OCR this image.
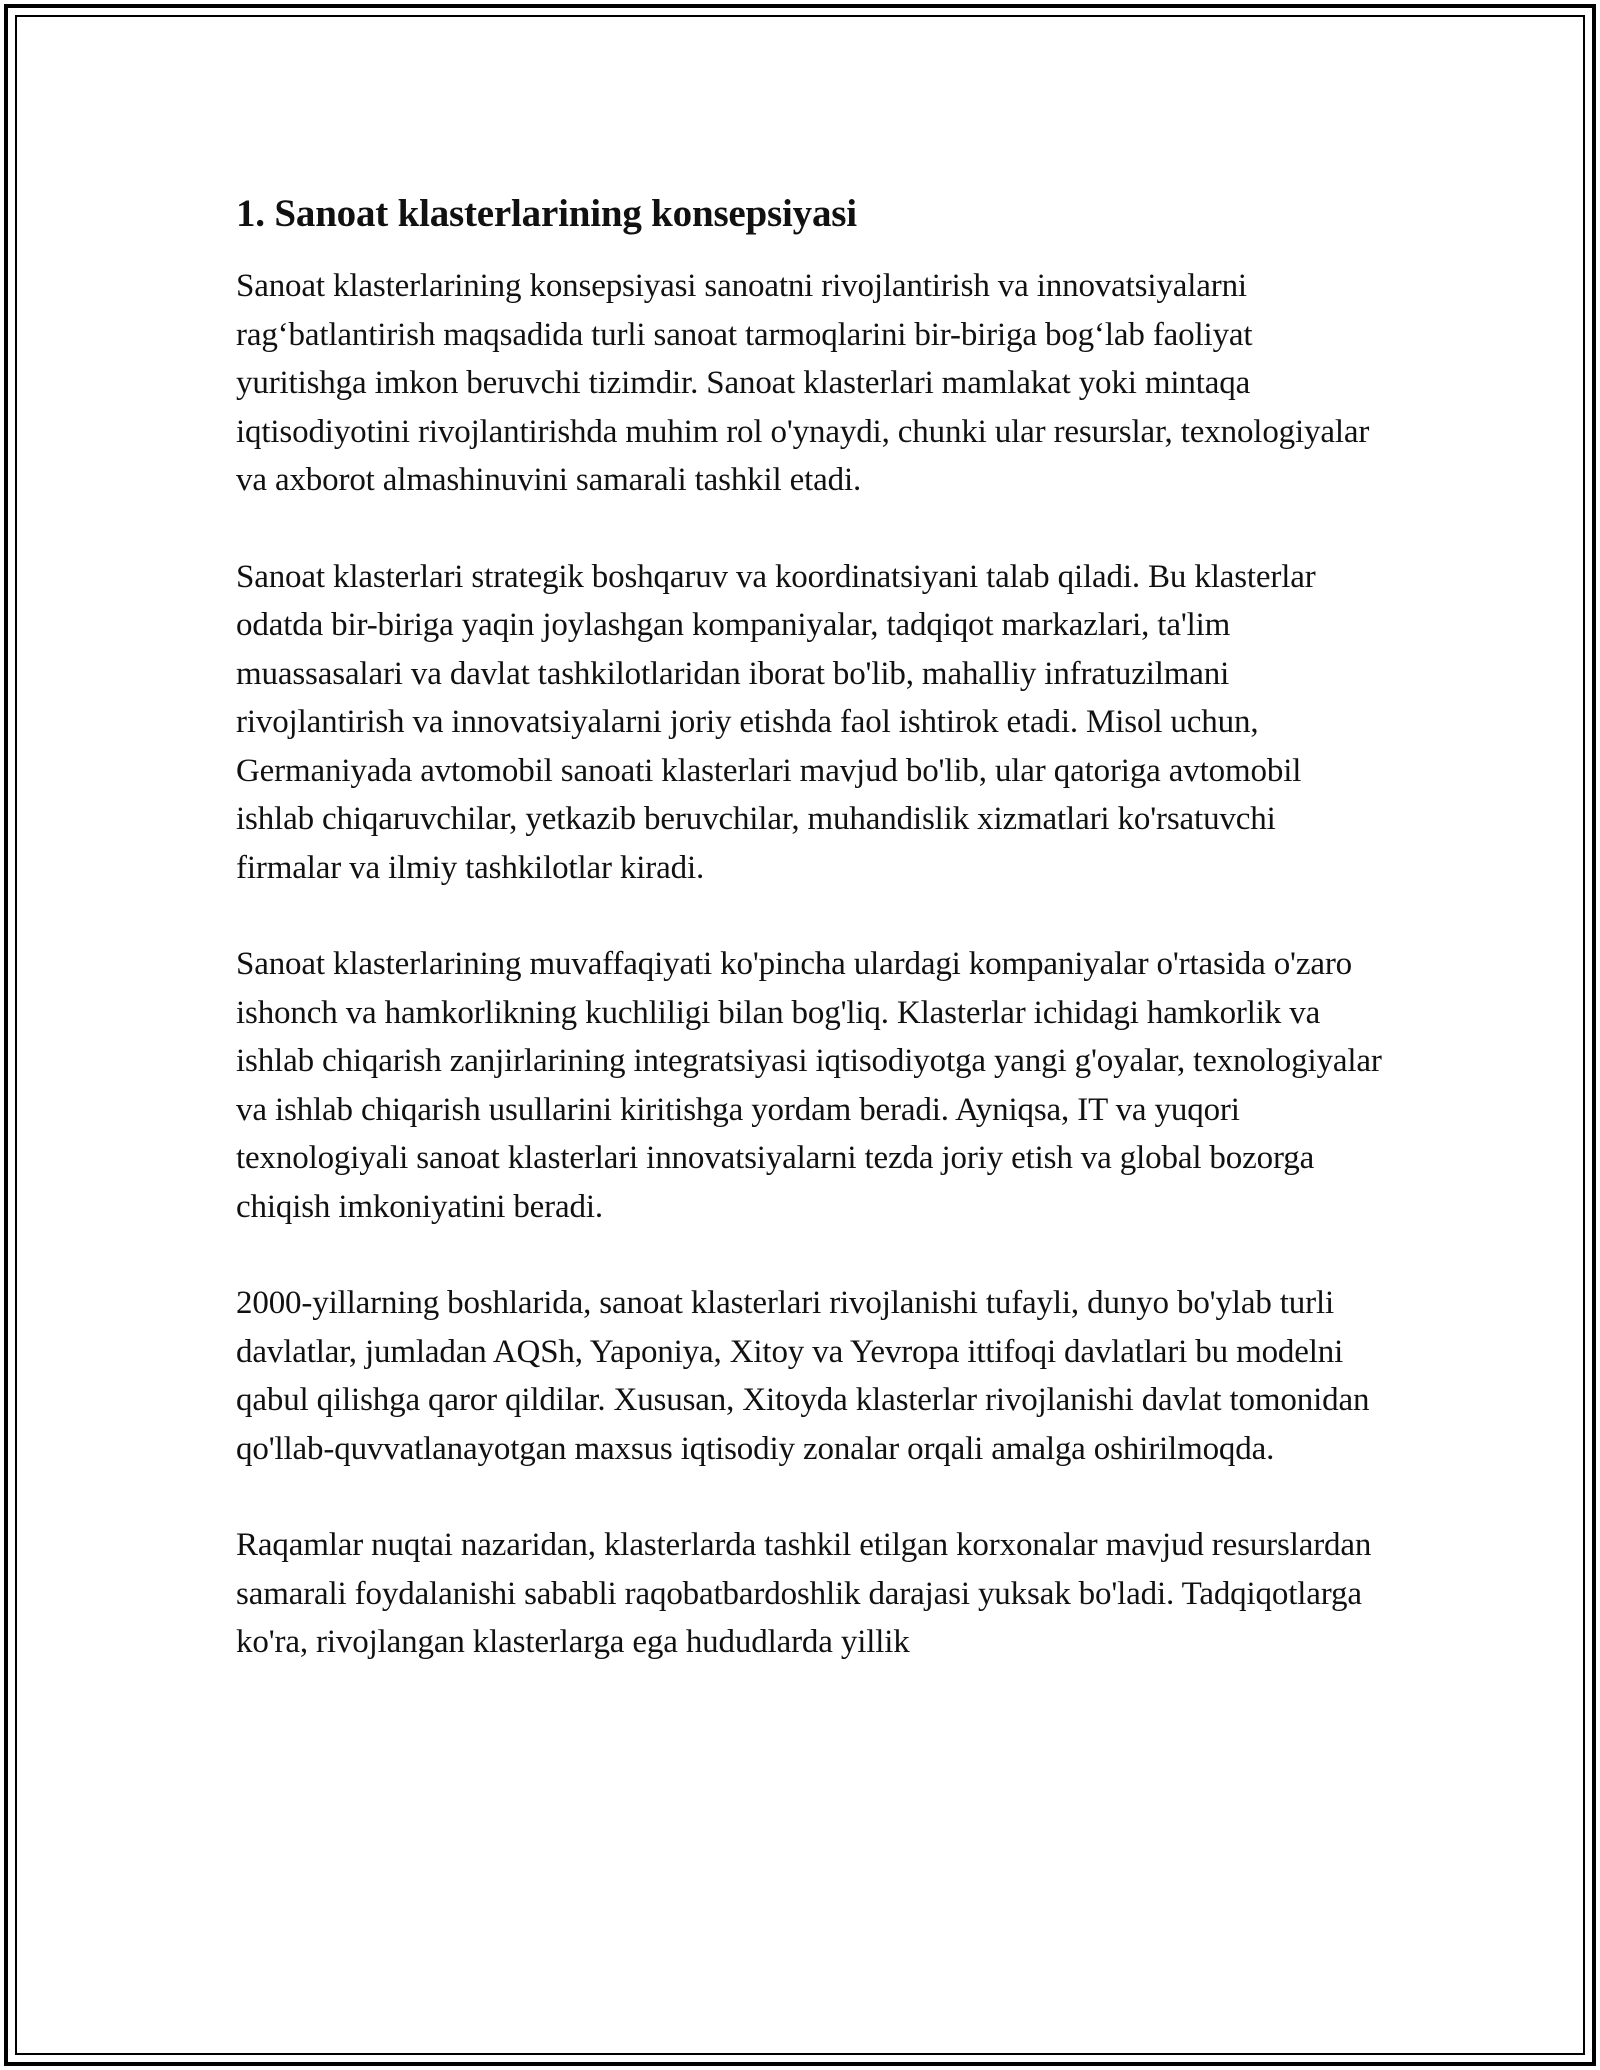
1. Sanoat klasterlarining konsepsiyasi

Sanoat klasterlarining konsepsiyasi sanoatni rivojlantirish va innovatsiyalarni rag‘batlantirish maqsadida turli sanoat tarmoqlarini bir-biriga bog‘lab faoliyat yuritishga imkon beruvchi tizimdir. Sanoat klasterlari mamlakat yoki mintaqa iqtisodiyotini rivojlantirishda muhim rol o'ynaydi, chunki ular resurslar, texnologiyalar va axborot almashinuvini samarali tashkil etadi.

Sanoat klasterlari strategik boshqaruv va koordinatsiyani talab qiladi. Bu klasterlar odatda bir-biriga yaqin joylashgan kompaniyalar, tadqiqot markazlari, ta'lim muassasalari va davlat tashkilotlaridan iborat bo'lib, mahalliy infratuzilmani rivojlantirish va innovatsiyalarni joriy etishda faol ishtirok etadi. Misol uchun, Germaniyada avtomobil sanoati klasterlari mavjud bo'lib, ular qatoriga avtomobil ishlab chiqaruvchilar, yetkazib beruvchilar, muhandislik xizmatlari ko'rsatuvchi firmalar va ilmiy tashkilotlar kiradi.

Sanoat klasterlarining muvaffaqiyati ko'pincha ulardagi kompaniyalar o'rtasida o'zaro ishonch va hamkorlikning kuchliligi bilan bog'liq. Klasterlar ichidagi hamkorlik va ishlab chiqarish zanjirlarining integratsiyasi iqtisodiyotga yangi g'oyalar, texnologiyalar va ishlab chiqarish usullarini kiritishga yordam beradi. Ayniqsa, IT va yuqori texnologiyali sanoat klasterlari innovatsiyalarni tezda joriy etish va global bozorga chiqish imkoniyatini beradi.

2000-yillarning boshlarida, sanoat klasterlari rivojlanishi tufayli, dunyo bo'ylab turli davlatlar, jumladan AQSh, Yaponiya, Xitoy va Yevropa ittifoqi davlatlari bu modelni qabul qilishga qaror qildilar. Xususan, Xitoyda klasterlar rivojlanishi davlat tomonidan qo'llab-quvvatlanayotgan maxsus iqtisodiy zonalar orqali amalga oshirilmoqda.

Raqamlar nuqtai nazaridan, klasterlarda tashkil etilgan korxonalar mavjud resurslardan samarali foydalanishi sababli raqobatbardoshlik darajasi yuksak bo'ladi. Tadqiqotlarga ko'ra, rivojlangan klasterlarga ega hududlarda yillik
